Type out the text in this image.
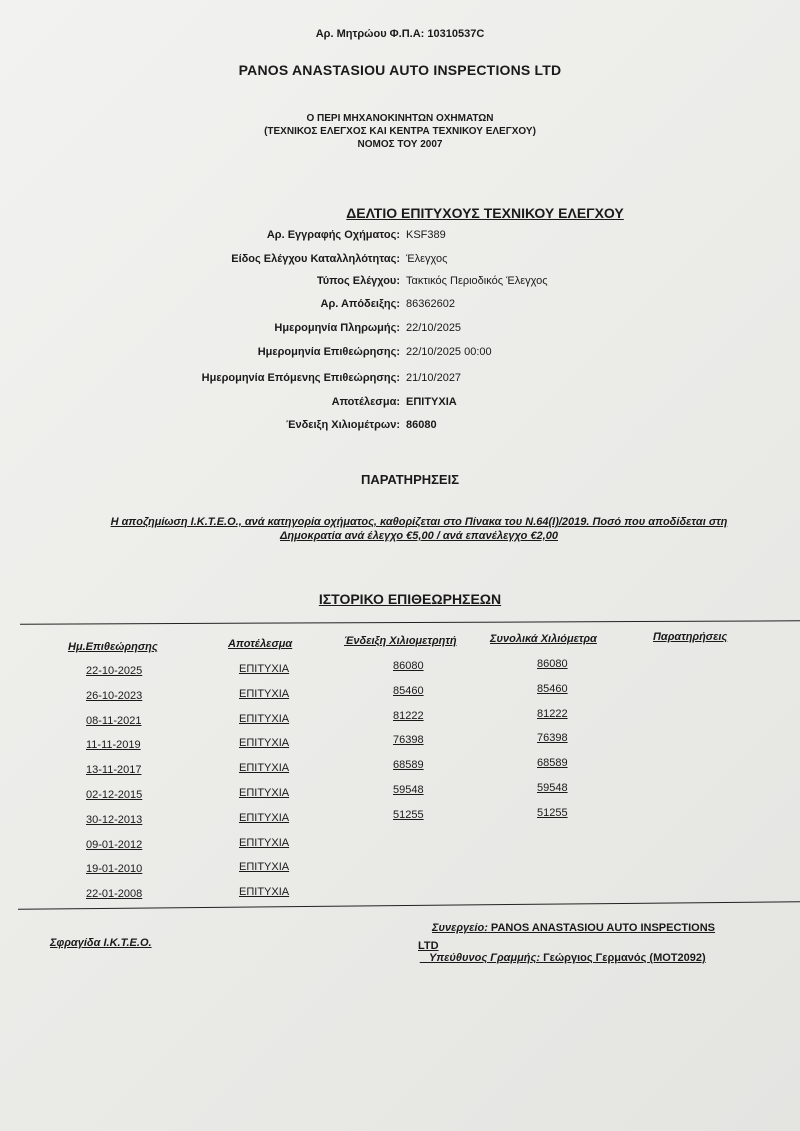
Αρ. Μητρώου Φ.Π.Α: 10310537C
PANOS ANASTASIOU AUTO INSPECTIONS LTD
Ο ΠΕΡΙ ΜΗΧΑΝΟΚΙΝΗΤΩΝ ΟΧΗΜΑΤΩΝ
(ΤΕΧΝΙΚΟΣ ΕΛΕΓΧΟΣ ΚΑΙ ΚΕΝΤΡΑ ΤΕΧΝΙΚΟΥ ΕΛΕΓΧΟΥ)
ΝΟΜΟΣ ΤΟΥ 2007
ΔΕΛΤΙΟ ΕΠΙΤΥΧΟΥΣ ΤΕΧΝΙΚΟΥ ΕΛΕΓΧΟΥ
Αρ. Εγγραφής Οχήματος: KSF389
Είδος Ελέγχου Καταλληλότητας: Έλεγχος
Τύπος Ελέγχου: Τακτικός Περιοδικός Έλεγχος
Αρ. Απόδειξης: 86362602
Ημερομηνία Πληρωμής: 22/10/2025
Ημερομηνία Επιθεώρησης: 22/10/2025 00:00
Ημερομηνία Επόμενης Επιθεώρησης: 21/10/2027
Αποτέλεσμα: ΕΠΙΤΥΧΙΑ
Ένδειξη Χιλιομέτρων: 86080
ΠΑΡΑΤΗΡΗΣΕΙΣ
Η αποζημίωση Ι.Κ.Τ.Ε.Ο., ανά κατηγορία οχήματος, καθορίζεται στο Πίνακα του Ν.64(Ι)/2019. Ποσό που αποδίδεται στη
Δημοκρατία ανά έλεγχο €5,00 / ανά επανέλεγχο €2,00
ΙΣΤΟΡΙΚΟ ΕΠΙΘΕΩΡΗΣΕΩΝ
Ημ.Επιθεώρησης	Αποτέλεσμα	Ένδειξη Χιλιομετρητή	Συνολικά Χιλιόμετρα	Παρατηρήσεις
22-10-2025	ΕΠΙΤΥΧΙΑ	86080	86080
26-10-2023	ΕΠΙΤΥΧΙΑ	85460	85460
08-11-2021	ΕΠΙΤΥΧΙΑ	81222	81222
11-11-2019	ΕΠΙΤΥΧΙΑ	76398	76398
13-11-2017	ΕΠΙΤΥΧΙΑ	68589	68589
02-12-2015	ΕΠΙΤΥΧΙΑ	59548	59548
30-12-2013	ΕΠΙΤΥΧΙΑ	51255	51255
09-01-2012	ΕΠΙΤΥΧΙΑ
19-01-2010	ΕΠΙΤΥΧΙΑ
22-01-2008	ΕΠΙΤΥΧΙΑ
Σφραγίδα Ι.Κ.Τ.Ε.Ο.
Συνεργείο: PANOS ANASTASIOU AUTO INSPECTIONS
LTD
_ Υπεύθυνος Γραμμής: Γεώργιος Γερμανός (MOT2092)
